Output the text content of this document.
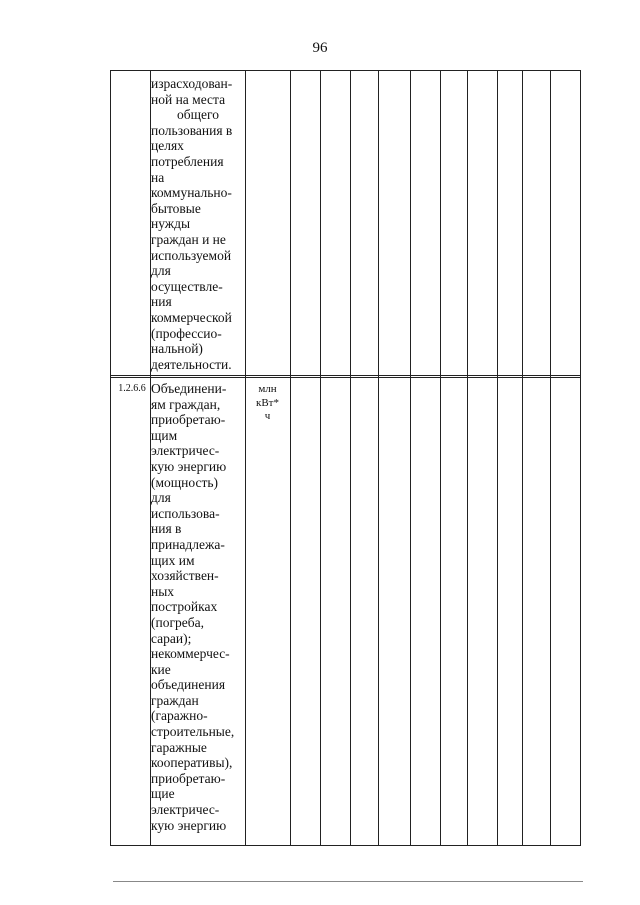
96
израсходован-
ной на места
общего
пользования в
целях
потребления
на
коммунально-
бытовые
нужды
граждан и не
используемой
для
осуществле-
ния
коммерческой
(профессио-
нальной)
деятельности.
1.2.6.6	млн
кВт*
ч
Объединени-
ям граждан,
приобретаю-
щим
электричес-
кую энергию
(мощность)
для
использова-
ния в
принадлежа-
щих им
хозяйствен-
ных
постройках
(погреба,
сараи);
некоммерчес-
кие
объединения
граждан
(гаражно-
строительные,
гаражные
кооперативы),
приобретаю-
щие
электричес-
кую энергию
